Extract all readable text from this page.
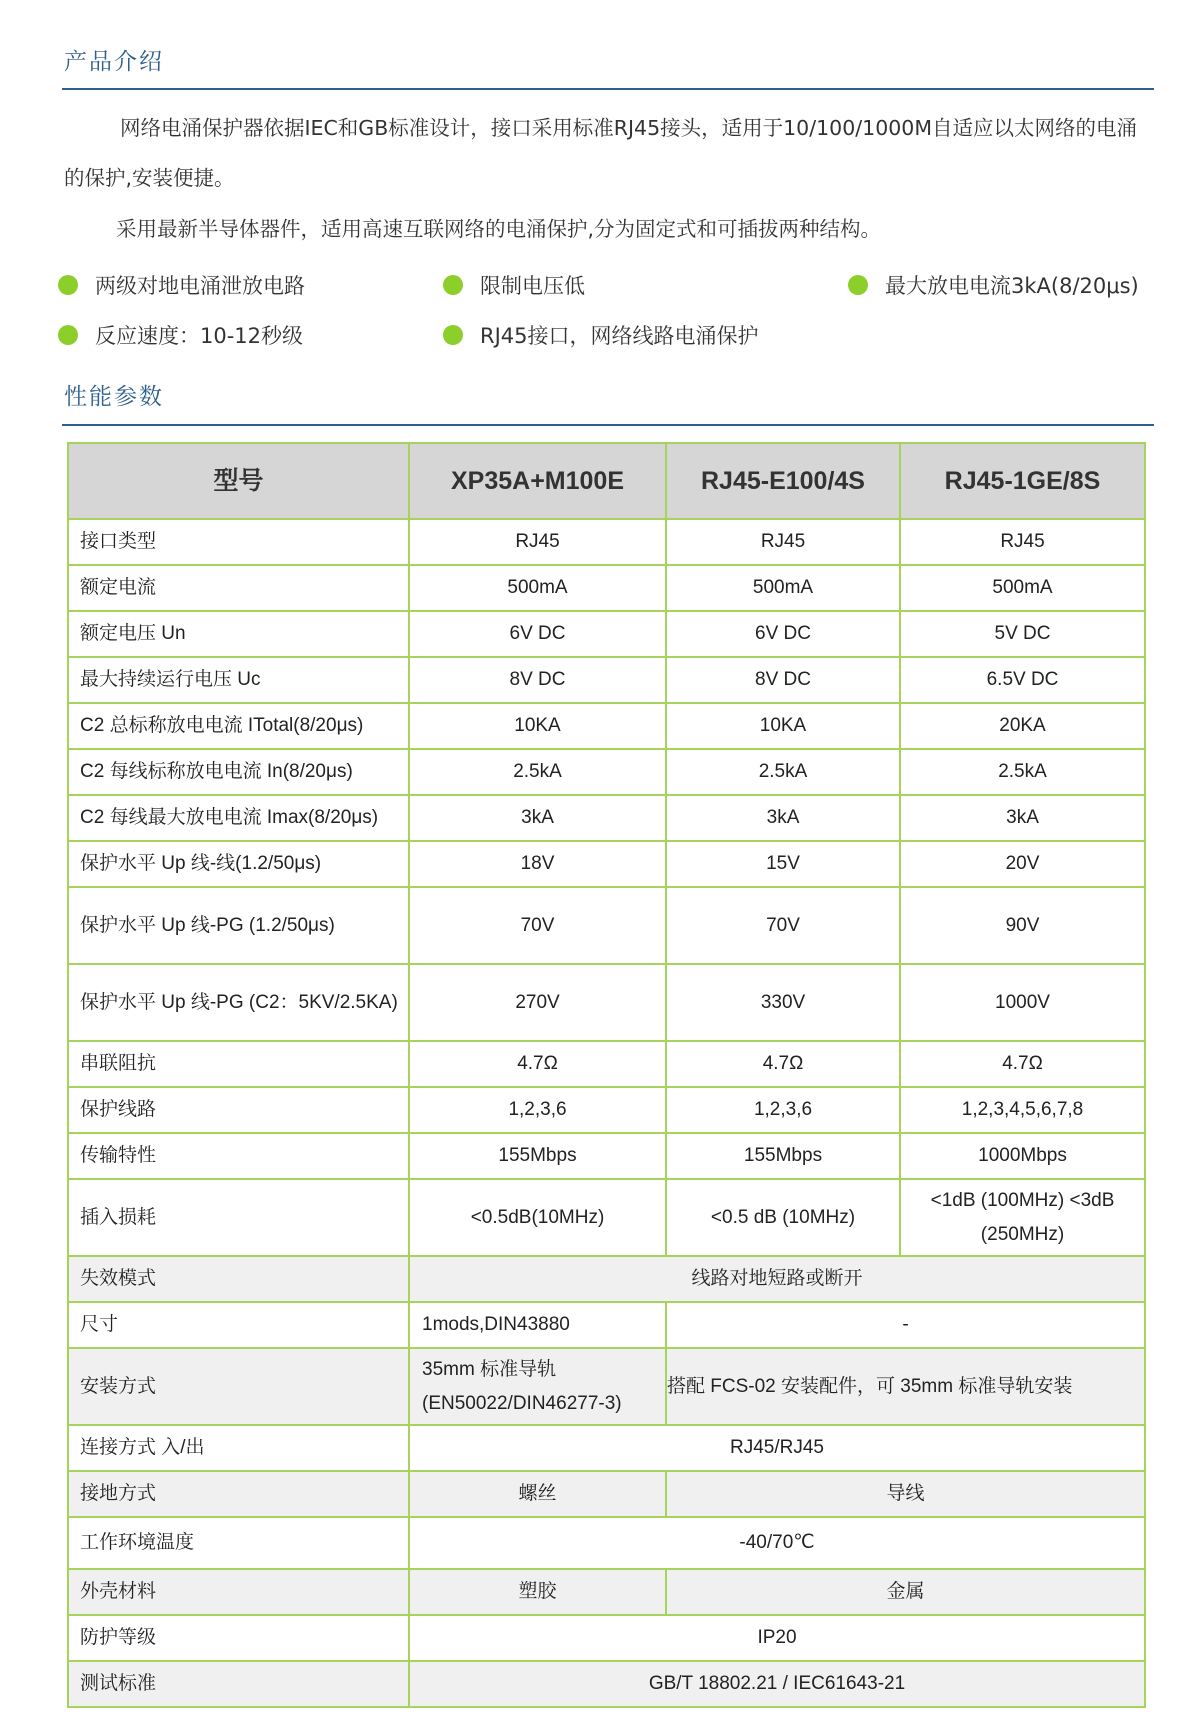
产品介绍

网络电涌保护器依据IEC和GB标准设计，接口采用标准RJ45接头，适用于10/100/1000M自适应以太网络的电涌的保护,安装便捷。

采用最新半导体器件，适用高速互联网络的电涌保护,分为固定式和可插拔两种结构。

两级对地电涌泄放电路	限制电压低	最大放电电流3kA(8/20μs)
反应速度：10-12秒级	RJ45接口，网络线路电涌保护
性能参数
型号	XP35A+M100E	RJ45-E100/4S	RJ45-1GE/8S
接口类型	RJ45	RJ45	RJ45
额定电流	500mA	500mA	500mA
额定电压 Un	6V DC	6V DC	5V DC
最大持续运行电压 Uc	8V DC	8V DC	6.5V DC
C2 总标称放电电流 ITotal(8/20μs)	10KA	10KA	20KA
C2 每线标称放电电流 In(8/20μs)	2.5kA	2.5kA	2.5kA
C2 每线最大放电电流 Imax(8/20μs)	3kA	3kA	3kA
保护水平 Up 线-线(1.2/50μs)	18V	15V	20V
保护水平 Up 线-PG (1.2/50μs)	70V	70V	90V
保护水平 Up 线-PG (C2：5KV/2.5KA)	270V	330V	1000V
串联阻抗	4.7Ω	4.7Ω	4.7Ω
保护线路	1,2,3,6	1,2,3,6	1,2,3,4,5,6,7,8
传输特性	155Mbps	155Mbps	1000Mbps
插入损耗	<0.5dB(10MHz)	<0.5 dB (10MHz)	<1dB (100MHz) <3dB (250MHz)
失效模式	线路对地短路或断开		
尺寸	1mods,DIN43880	-	
安装方式	35mm 标准导轨 (EN50022/DIN46277-3)	搭配 FCS-02 安装配件，可 35mm 标准导轨安装	
连接方式 入/出	RJ45/RJ45		
接地方式	螺丝	导线	
工作环境温度	-40/70℃		
外壳材料	塑胶	金属	
防护等级	IP20		
测试标准	GB/T 18802.21 / IEC61643-21		
